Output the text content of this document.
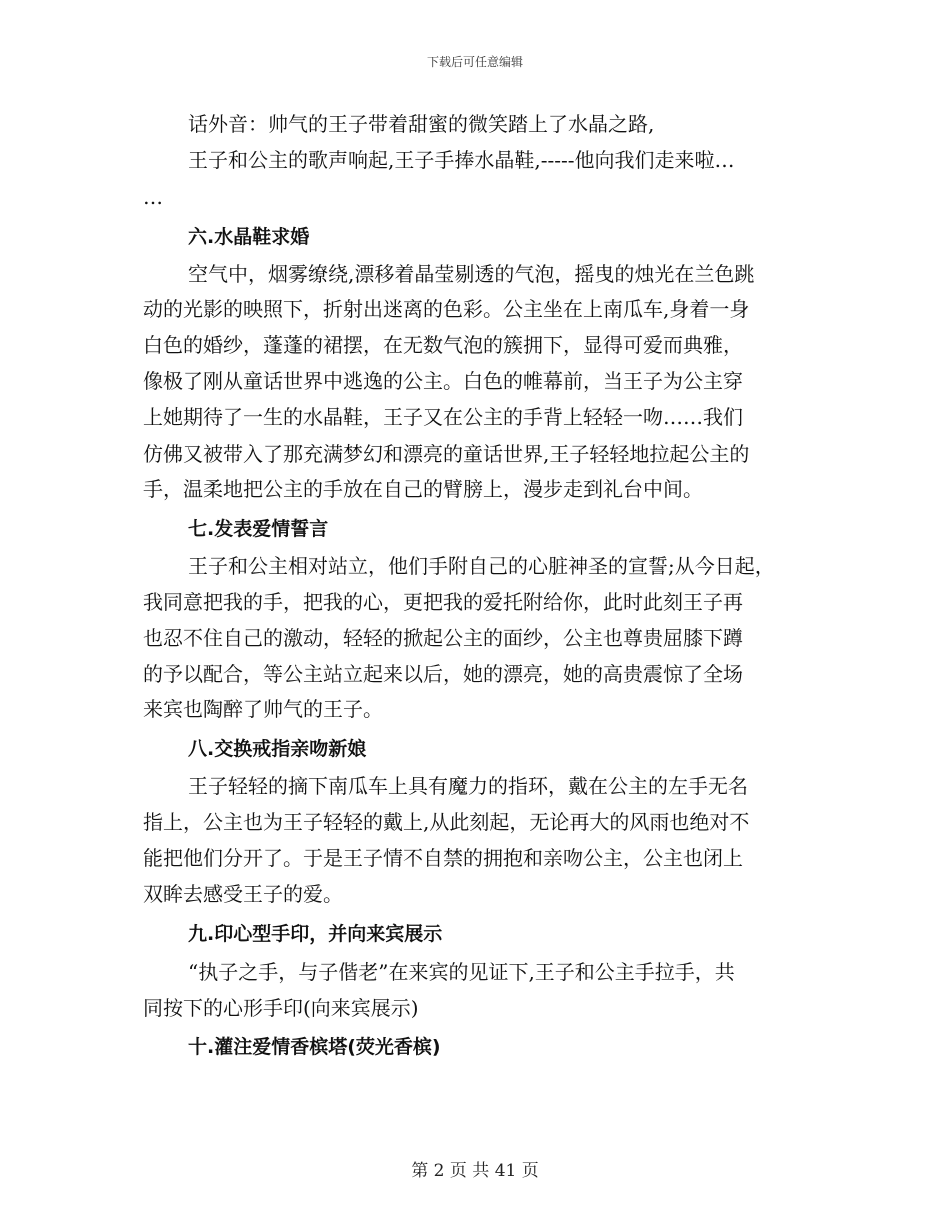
下载后可任意编辑
话外音：帅气的王子带着甜蜜的微笑踏上了水晶之路,
王子和公主的歌声响起,王子手捧水晶鞋,-----他向我们走来啦…
…
六.水晶鞋求婚
空气中，烟雾缭绕,漂移着晶莹剔透的气泡，摇曳的烛光在兰色跳
动的光影的映照下，折射出迷离的色彩。公主坐在上南瓜车,身着一身
白色的婚纱，蓬蓬的裙摆，在无数气泡的簇拥下，显得可爱而典雅，
像极了刚从童话世界中逃逸的公主。白色的帷幕前，当王子为公主穿
上她期待了一生的水晶鞋，王子又在公主的手背上轻轻一吻……我们
仿佛又被带入了那充满梦幻和漂亮的童话世界,王子轻轻地拉起公主的
手，温柔地把公主的手放在自己的臂膀上，漫步走到礼台中间。
七.发表爱情誓言
王子和公主相对站立，他们手附自己的心脏神圣的宣誓;从今日起，
我同意把我的手，把我的心，更把我的爱托附给你，此时此刻王子再
也忍不住自己的激动，轻轻的掀起公主的面纱，公主也尊贵屈膝下蹲
的予以配合，等公主站立起来以后，她的漂亮，她的高贵震惊了全场
来宾也陶醉了帅气的王子。
八.交换戒指亲吻新娘
王子轻轻的摘下南瓜车上具有魔力的指环，戴在公主的左手无名
指上，公主也为王子轻轻的戴上,从此刻起，无论再大的风雨也绝对不
能把他们分开了。于是王子情不自禁的拥抱和亲吻公主，公主也闭上
双眸去感受王子的爱。
九.印心型手印，并向来宾展示
“执子之手，与子偕老”在来宾的见证下,王子和公主手拉手，共
同按下的心形手印(向来宾展示)
十.灌注爱情香槟塔(荧光香槟)
第 2 页 共 41 页
